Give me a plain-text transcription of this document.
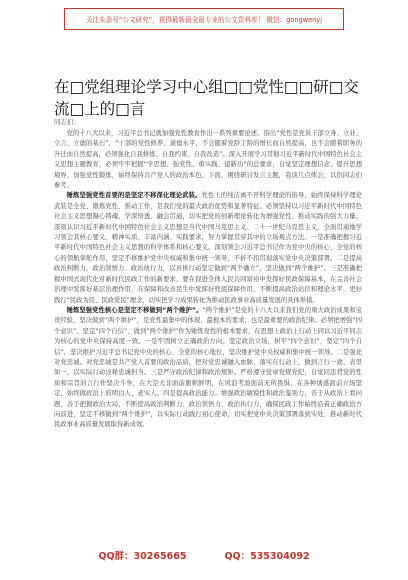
关注头条号“公文研究”，获得最新最全最专业的公文资料库！ 微信：gongwenyj
在□党组理论学习中心组□□党性□□研□交流□上的□言
同志们：

党的十八大以来，习近平总书记就加强党性教育作出一系列重要论述。指出“党性是党员干部立身、立业、立言、立德的基石”，“干部的党性修养、道德水平，不会随着党龄工龄的增长而自然提高，也不会随着职务的升迁而自然提高，必须强化自我修炼、自我约束、自我改造”。深入开展学习贯彻习近平新时代中国特色社会主义思想主题教育，必须牢牢把握“学思想、强党性、重实践、建新功”的总要求，自觉坚定理想信念、提升思想境界，加强党性锻炼，始终保持共产党人的政治本色。下面，围绕研讨发言主题，我谈几点体会，以供同志们参考。

锤炼坚强党性首要的是坚定不移深化理论武装。党性上的纯洁离不开科学理论的指导，始终保持科学理论武装是全党、锻炼党性、推动工作，是我们党的最大政治优势和显著特征。必须坚持以习近平新时代中国特色社会主义思想凝心铸魂，学深悟透、融会贯通，切实把党的创新理论转化为增强党性、推动实践的强大力量。深刻认识习近平新时代中国特色社会主义思想是当代中国马克思主义、二十一世纪马克思主义，全面贯通地学习领会其核心要义、精神实质、丰富内涵、实践要求，努力掌握贯穿其中的立场观点方法。一是准确把握习近平新时代中国特色社会主义思想的科学体系和核心要义。深刻领会习近平总书记作为党中央的核心、全党的核心的领航掌舵作用，坚定不移维护党中央权威和集中统一领导，不折不扣贯彻落实党中央决策部署。二是提高政治判断力、政治领悟力、政治执行力，以具体行动坚定做到“两个确立”，坚决做到“两个维护”。三是准确把握中国式现代化对新时代民政工作的新要求，要在促进全体人民共同富裕中发挥好民政保障基本，在完善社会治理中发挥好基层治理作用，在保障和改善民生中发挥好兜底保障作用，不断提高政治站位和理论水平，更好践行“民政为民、民政爱民”理念，切实把学习成果转化为推动民政事业高质量发展的具体举措。

锤炼坚强党性核心是坚定不移做到“两个维护”。“两个维护”是党的十八大以来我们党的重大政治成果和宝贵经验，坚决做到“两个维护”，是党性最集中的体现、最根本的要求，也是最重要的政治纪律。必须把增强“四个意识”、坚定“四个自信”、做到“两个维护”作为锤炼党性的根本要求，在思想上政治上行动上同以习近平同志为核心的党中央保持高度一致。一是牢固树立正确政治方向。坚定政治立场，树牢“四个意识”，坚定“四个自信”，坚决维护习近平总书记党中央的核心、全党的核心地位，坚决维护党中央权威和集中统一领导。二是强化对党忠诚。对党忠诚是共产党人首要的政治品质，把对党忠诚融入血脉、落实在行动上，做到言行一致、表里如一，以实际行动诠释忠诚担当。三是严守政治纪律和政治规矩。严格遵守党章党规党纪，自觉同违背党的性质和宗旨的言行作坚决斗争，在大是大非面前旗帜鲜明，在风浪考验面前无所畏惧，在各种诱惑面前立场坚定，始终做政治上的明白人、老实人。四是提高政治能力。增强政治敏锐性和政治鉴别力，善于从政治上看问题，善于把握政治大局，不断提高政治判断力、政治领悟力、政治执行力，确保民政工作始终沿着正确政治方向前进，坚定不移做到“两个维护”，以实际行动践行初心使命，切实把党中央决策部署落到实处，推动新时代民政事业高质量发展取得新成效。

QQ群：30265665	QQ：535304092
